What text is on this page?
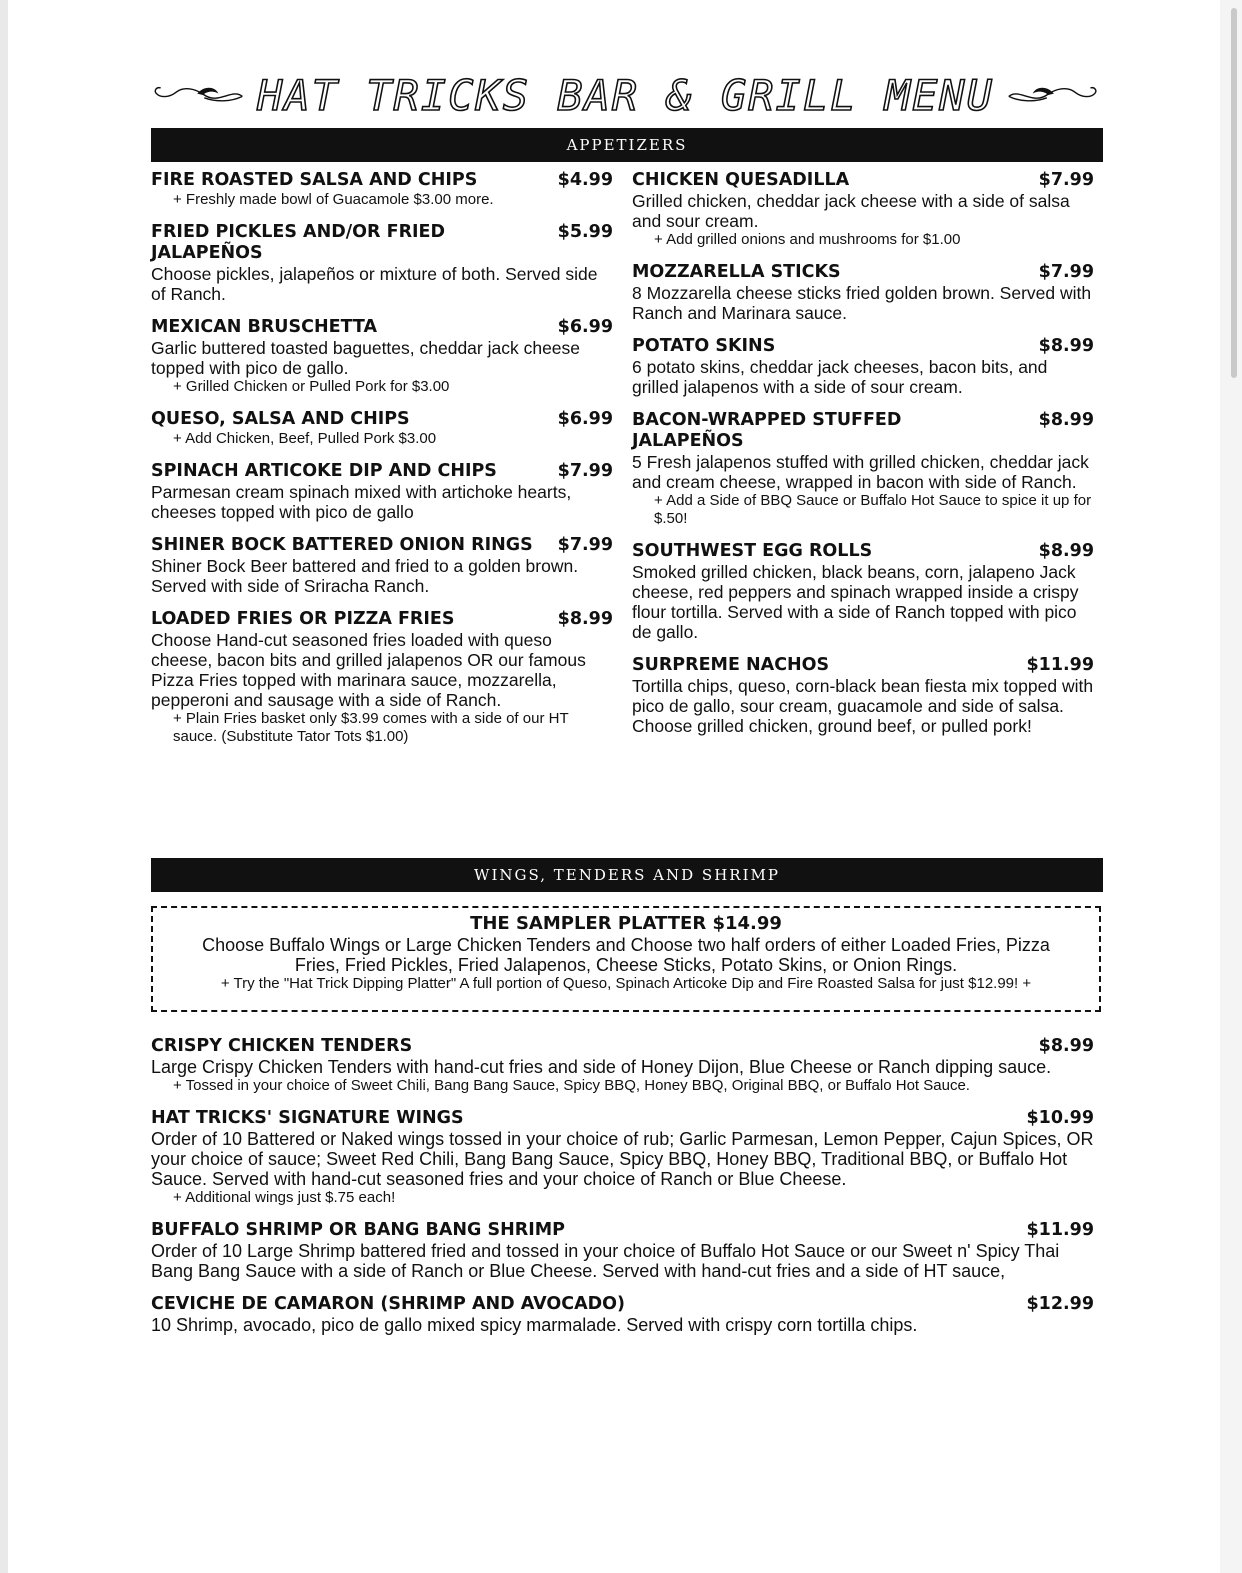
HAT TRICKS BAR & GRILL MENU
APPETIZERS
FIRE ROASTED SALSA AND CHIPS	$4.99

+ Freshly made bowl of Guacamole $3.00 more.

FRIED PICKLES AND/OR FRIED JALAPEÑOS
$5.99

Choose pickles, jalapeños or mixture of both. Served side of Ranch.

MEXICAN BRUSCHETTA	$6.99

Garlic buttered toasted baguettes, cheddar jack cheese topped with pico de gallo.

+ Grilled Chicken or Pulled Pork for $3.00

QUESO, SALSA AND CHIPS	$6.99

+ Add Chicken, Beef, Pulled Pork $3.00

SPINACH ARTICOKE DIP AND CHIPS	$7.99

Parmesan cream spinach mixed with artichoke hearts, cheeses topped with pico de gallo

SHINER BOCK BATTERED ONION RINGS	$7.99

Shiner Bock Beer battered and fried to a golden brown. Served with side of Sriracha Ranch.

LOADED FRIES OR PIZZA FRIES	$8.99

Choose Hand-cut seasoned fries loaded with queso cheese, bacon bits and grilled jalapenos OR our famous Pizza Fries topped with marinara sauce, mozzarella, pepperoni and sausage with a side of Ranch.

+ Plain Fries basket only $3.99 comes with a side of our HT sauce. (Substitute Tator Tots $1.00)

CHICKEN QUESADILLA	$7.99

Grilled chicken, cheddar jack cheese with a side of salsa and sour cream.

+ Add grilled onions and mushrooms for $1.00

MOZZARELLA STICKS	$7.99

8 Mozzarella cheese sticks fried golden brown. Served with Ranch and Marinara sauce.

POTATO SKINS	$8.99

6 potato skins, cheddar jack cheeses, bacon bits, and grilled jalapenos with a side of sour cream.

BACON-WRAPPED STUFFED JALAPEÑOS
$8.99

5 Fresh jalapenos stuffed with grilled chicken, cheddar jack and cream cheese, wrapped in bacon with side of Ranch.

+ Add a Side of BBQ Sauce or Buffalo Hot Sauce to spice it up for $.50!

SOUTHWEST EGG ROLLS	$8.99

Smoked grilled chicken, black beans, corn, jalapeno Jack cheese, red peppers and spinach wrapped inside a crispy flour tortilla. Served with a side of Ranch topped with pico de gallo.

SURPREME NACHOS	$11.99

Tortilla chips, queso, corn-black bean fiesta mix topped with pico de gallo, sour cream, guacamole and side of salsa. Choose grilled chicken, ground beef, or pulled pork!

WINGS, TENDERS AND SHRIMP
THE SAMPLER PLATTER $14.99
Choose Buffalo Wings or Large Chicken Tenders and Choose two half orders of either Loaded Fries, Pizza Fries, Fried Pickles, Fried Jalapenos, Cheese Sticks, Potato Skins, or Onion Rings.
+ Try the "Hat Trick Dipping Platter" A full portion of Queso, Spinach Articoke Dip and Fire Roasted Salsa for just $12.99! +
CRISPY CHICKEN TENDERS	$8.99

Large Crispy Chicken Tenders with hand-cut fries and side of Honey Dijon, Blue Cheese or Ranch dipping sauce.

+ Tossed in your choice of Sweet Chili, Bang Bang Sauce, Spicy BBQ, Honey BBQ, Original BBQ, or Buffalo Hot Sauce.

HAT TRICKS' SIGNATURE WINGS	$10.99

Order of 10 Battered or Naked wings tossed in your choice of rub; Garlic Parmesan, Lemon Pepper, Cajun Spices, OR your choice of sauce; Sweet Red Chili, Bang Bang Sauce, Spicy BBQ, Honey BBQ, Traditional BBQ, or Buffalo Hot Sauce. Served with hand-cut seasoned fries and your choice of Ranch or Blue Cheese.

+ Additional wings just $.75 each!

BUFFALO SHRIMP OR BANG BANG SHRIMP	$11.99

Order of 10 Large Shrimp battered fried and tossed in your choice of Buffalo Hot Sauce or our Sweet n' Spicy Thai Bang Bang Sauce with a side of Ranch or Blue Cheese. Served with hand-cut fries and a side of HT sauce,

CEVICHE DE CAMARON (SHRIMP AND AVOCADO)	$12.99

10 Shrimp, avocado, pico de gallo mixed spicy marmalade. Served with crispy corn tortilla chips.
